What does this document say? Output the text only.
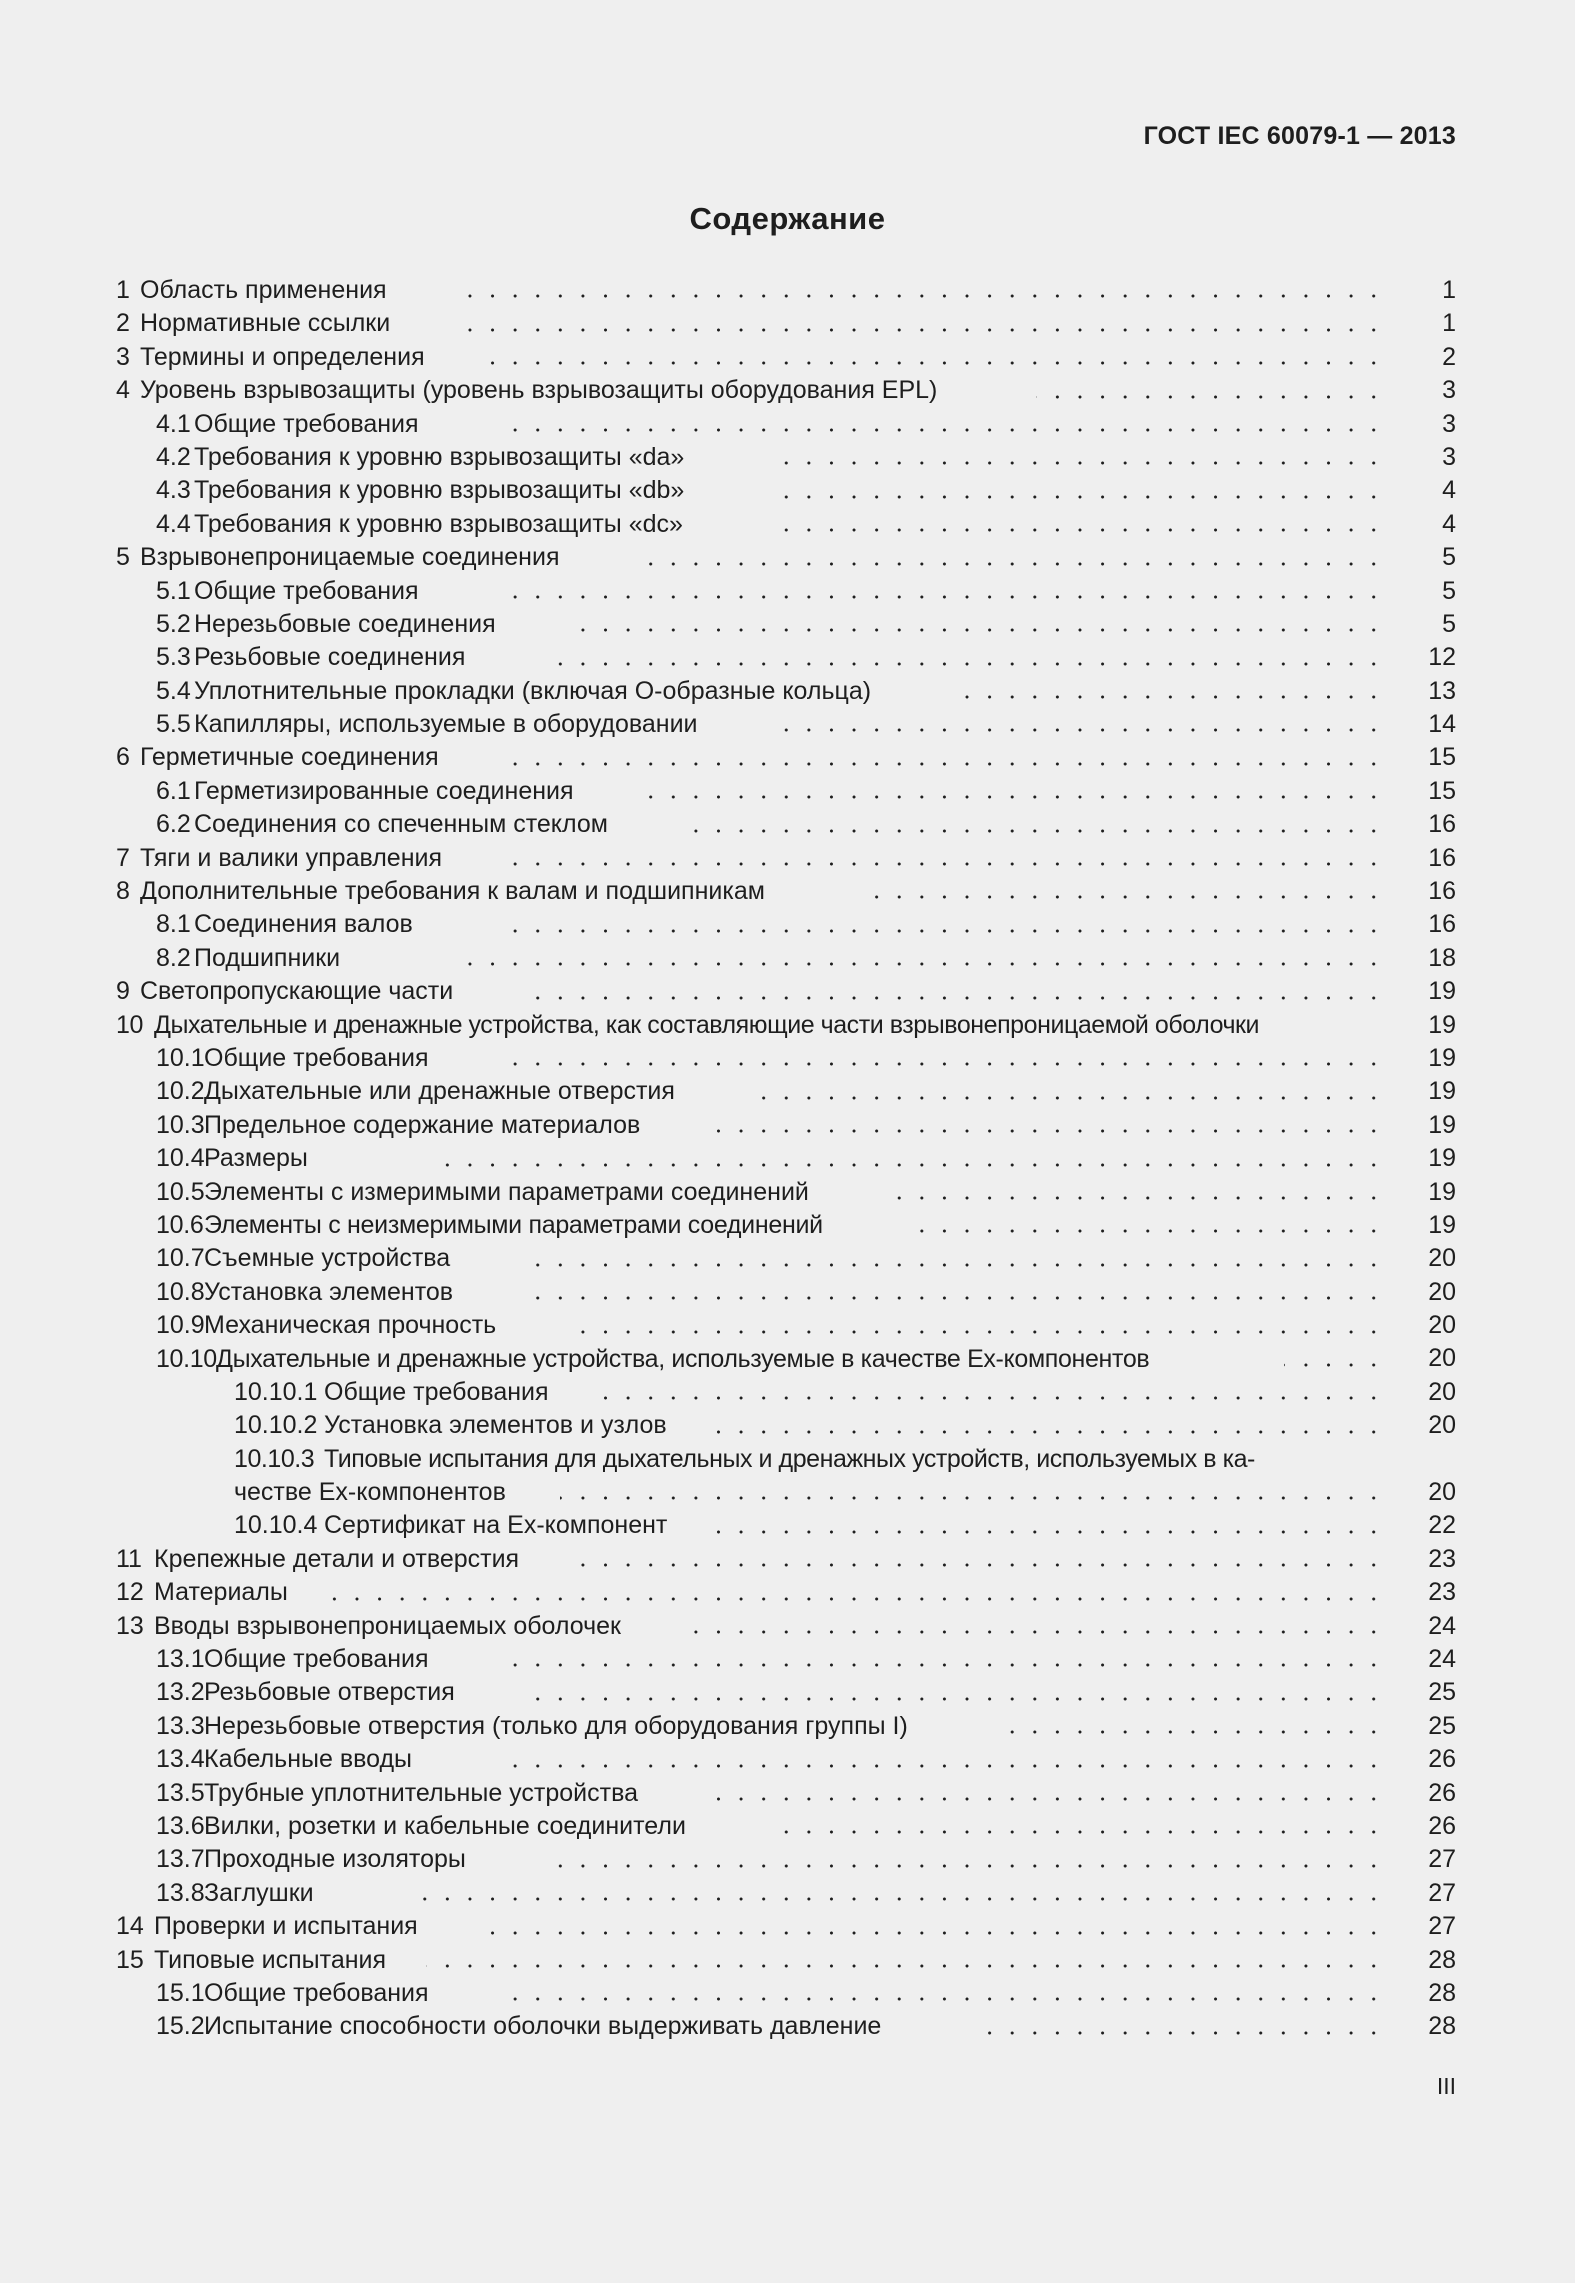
ГОСТ IEC 60079-1 — 2013
Содержание
1 Область применения	1
2 Нормативные ссылки	1
3 Термины и определения	2
4 Уровень взрывозащиты (уровень взрывозащиты оборудования EPL)	3
4.1 Общие требования	3
4.2 Требования к уровню взрывозащиты «da»	3
4.3 Требования к уровню взрывозащиты «db»	4
4.4 Требования к уровню взрывозащиты «dc»	4
5 Взрывонепроницаемые соединения	5
5.1 Общие требования	5
5.2 Нерезьбовые соединения	5
5.3 Резьбовые соединения	12
5.4 Уплотнительные прокладки (включая О-образные кольца)	13
5.5 Капилляры, используемые в оборудовании	14
6 Герметичные соединения	15
6.1 Герметизированные соединения	15
6.2 Соединения со спеченным стеклом	16
7 Тяги и валики управления	16
8 Дополнительные требования к валам и подшипникам	16
8.1 Соединения валов	16
8.2 Подшипники	18
9 Светопропускающие части	19
10 Дыхательные и дренажные устройства, как составляющие части взрывонепроницаемой оболочки	19
10.1Общие требования	19
10.2Дыхательные или дренажные отверстия	19
10.3Предельное содержание материалов	19
10.4Размеры	19
10.5Элементы с измеримыми параметрами соединений	19
10.6Элементы с неизмеримыми параметрами соединений	19
10.7Съемные устройства	20
10.8Установка элементов	20
10.9Механическая прочность	20
10.10Дыхательные и дренажные устройства, используемые в качестве Ex-компонентов	20
10.10.1 Общие требования	20
10.10.2 Установка элементов и узлов	20
10.10.3 Типовые испытания для дыхательных и дренажных устройств, используемых в ка-
честве Ex-компонентов	20
10.10.4 Сертификат на Ex-компонент	22
11 Крепежные детали и отверстия	23
12 Материалы	23
13 Вводы взрывонепроницаемых оболочек	24
13.1Общие требования	24
13.2Резьбовые отверстия	25
13.3Нерезьбовые отверстия (только для оборудования группы I)	25
13.4Кабельные вводы	26
13.5Трубные уплотнительные устройства	26
13.6Вилки, розетки и кабельные соединители	26
13.7Проходные изоляторы	27
13.8Заглушки	27
14 Проверки и испытания	27
15 Типовые испытания	28
15.1Общие требования	28
15.2Испытание способности оболочки выдерживать давление	28
III
